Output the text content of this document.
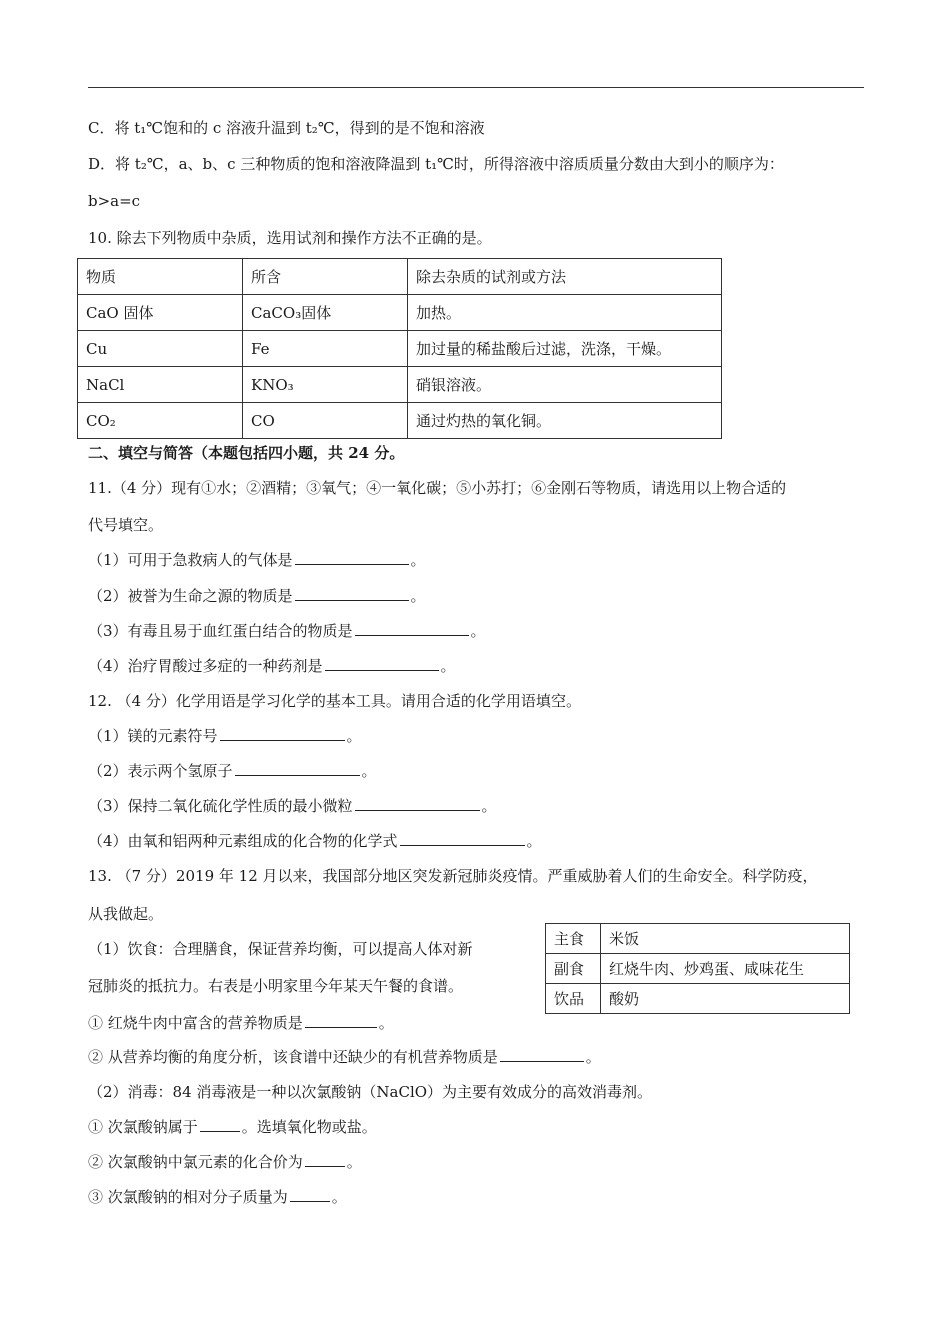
C．将 t₁℃饱和的 c 溶液升温到 t₂℃，得到的是不饱和溶液
D．将 t₂℃，a、b、c 三种物质的饱和溶液降温到 t₁℃时，所得溶液中溶质质量分数由大到小的顺序为：
b>a=c
10. 除去下列物质中杂质，选用试剂和操作方法不正确的是。
物质	所含	除去杂质的试剂或方法
CaO 固体	CaCO₃固体	加热。
Cu	Fe	加过量的稀盐酸后过滤，洗涤，干燥。
NaCl	KNO₃	硝银溶液。
CO₂	CO	通过灼热的氧化铜。
二、填空与简答（本题包括四小题，共 24 分。
11.（4 分）现有①水；②酒精；③氧气；④一氧化碳；⑤小苏打；⑥金刚石等物质，请选用以上物合适的
代号填空。
（1）可用于急救病人的气体是	。
（2）被誉为生命之源的物质是	。
（3）有毒且易于血红蛋白结合的物质是	。
（4）治疗胃酸过多症的一种药剂是	。
12. （4 分）化学用语是学习化学的基本工具。请用合适的化学用语填空。
（1）镁的元素符号	。
（2）表示两个氢原子	。
（3）保持二氧化硫化学性质的最小微粒	。
（4）由氧和铝两种元素组成的化合物的化学式	。
13. （7 分）2019 年 12 月以来，我国部分地区突发新冠肺炎疫情。严重威胁着人们的生命安全。科学防疫，
从我做起。
（1）饮食：合理膳食，保证营养均衡，可以提高人体对新
冠肺炎的抵抗力。右表是小明家里今年某天午餐的食谱。
主食	米饭
副食	红烧牛肉、炒鸡蛋、咸味花生
饮品	酸奶
① 红烧牛肉中富含的营养物质是	。
② 从营养均衡的角度分析，该食谱中还缺少的有机营养物质是	。
（2）消毒：84 消毒液是一种以次氯酸钠（NaClO）为主要有效成分的高效消毒剂。
① 次氯酸钠属于	。选填氧化物或盐。
② 次氯酸钠中氯元素的化合价为	。
③ 次氯酸钠的相对分子质量为	。
